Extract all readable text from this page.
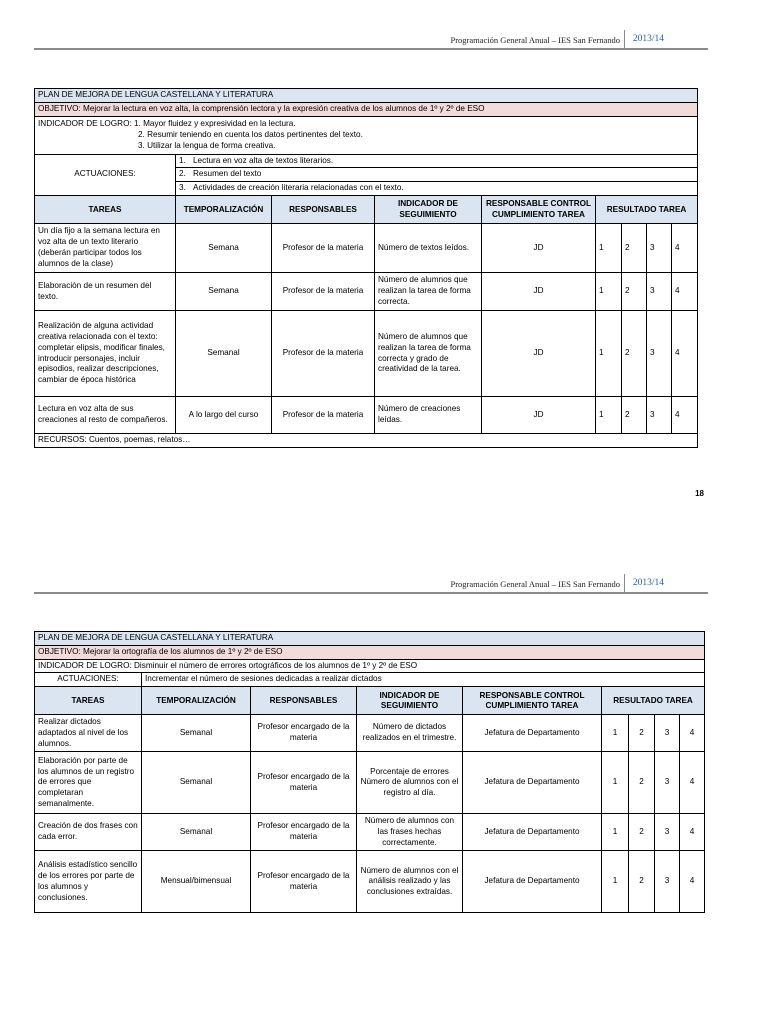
Programación General Anual – IES San Fernando 2013/14
PLAN DE MEJORA DE LENGUA CASTELLANA Y LITERATURA								
OBJETIVO: Mejorar la lectura en voz alta, la comprensión lectora y la expresión creativa de los alumnos de 1º y 2º de ESO								

INDICADOR DE LOGRO: 1. Mayor fluidez y expresividad en la lectura.
2. Resumir teniendo en cuenta los datos pertinentes del texto.
3. Utilizar la lengua de forma creativa.								

ACTUACIONES:	1. Lectura en voz alta de textos literarios.							

	2. Resumen del texto							

	3. Actividades de creación literaria relacionadas con el texto.							

TAREAS	TEMPORALIZACIÓN	RESPONSABLES	INDICADOR DE SEGUIMIENTO	RESPONSABLE CONTROL CUMPLIMIENTO TAREA	RESULTADO TAREA			
Un día fijo a la semana lectura en voz alta de un texto literario (deberán participar todos los alumnos de la clase)	Semana	Profesor de la materia	Número de textos leídos.	JD	1	2	3	4
Elaboración de un resumen del texto.	Semana	Profesor de la materia	Número de alumnos que realizan la tarea de forma correcta.	JD	1	2	3	4
Realización de alguna actividad creativa relacionada con el texto: completar elipsis, modificar finales, introducir personajes, incluir episodios, realizar descripciones, cambiar de época histórica	Semanal	Profesor de la materia	Número de alumnos que realizan la tarea de forma correcta y grado de creatividad de la tarea.	JD	1	2	3	4
Lectura en voz alta de sus creaciones al resto de compañeros.	A lo largo del curso	Profesor de la materia	Número de creaciones leídas.	JD	1	2	3	4
RECURSOS: Cuentos, poemas, relatos…								
18
Programación General Anual – IES San Fernando 2013/14
PLAN DE MEJORA DE LENGUA CASTELLANA Y LITERATURA								
OBJETIVO: Mejorar la ortografía de los alumnos de 1º y 2º de ESO								
INDICADOR DE LOGRO: Disminuir el número de errores ortográficos de los alumnos de 1º y 2º de ESO								
ACTUACIONES:	Incrementar el número de sesiones dedicadas a realizar dictados							
TAREAS	TEMPORALIZACIÓN	RESPONSABLES	INDICADOR DE SEGUIMIENTO	RESPONSABLE CONTROL CUMPLIMIENTO TAREA	RESULTADO TAREA			
Realizar dictados adaptados al nivel de los alumnos.	Semanal	Profesor encargado de la materia	Número de dictados realizados en el trimestre.	Jefatura de Departamento	1	2	3	4
Elaboración por parte de los alumnos de un registro de errores que completaran semanalmente.	Semanal	Profesor encargado de la materia	Porcentaje de errores Número de alumnos con el registro al día.	Jefatura de Departamento	1	2	3	4
Creación de dos frases con cada error.	Semanal	Profesor encargado de la materia	Número de alumnos con las frases hechas correctamente.	Jefatura de Departamento	1	2	3	4
Análisis estadístico sencillo de los errores por parte de los alumnos y conclusiones.	Mensual/bimensual	Profesor encargado de la materia	Número de alumnos con el análisis realizado y las conclusiones extraídas.	Jefatura de Departamento	1	2	3	4
